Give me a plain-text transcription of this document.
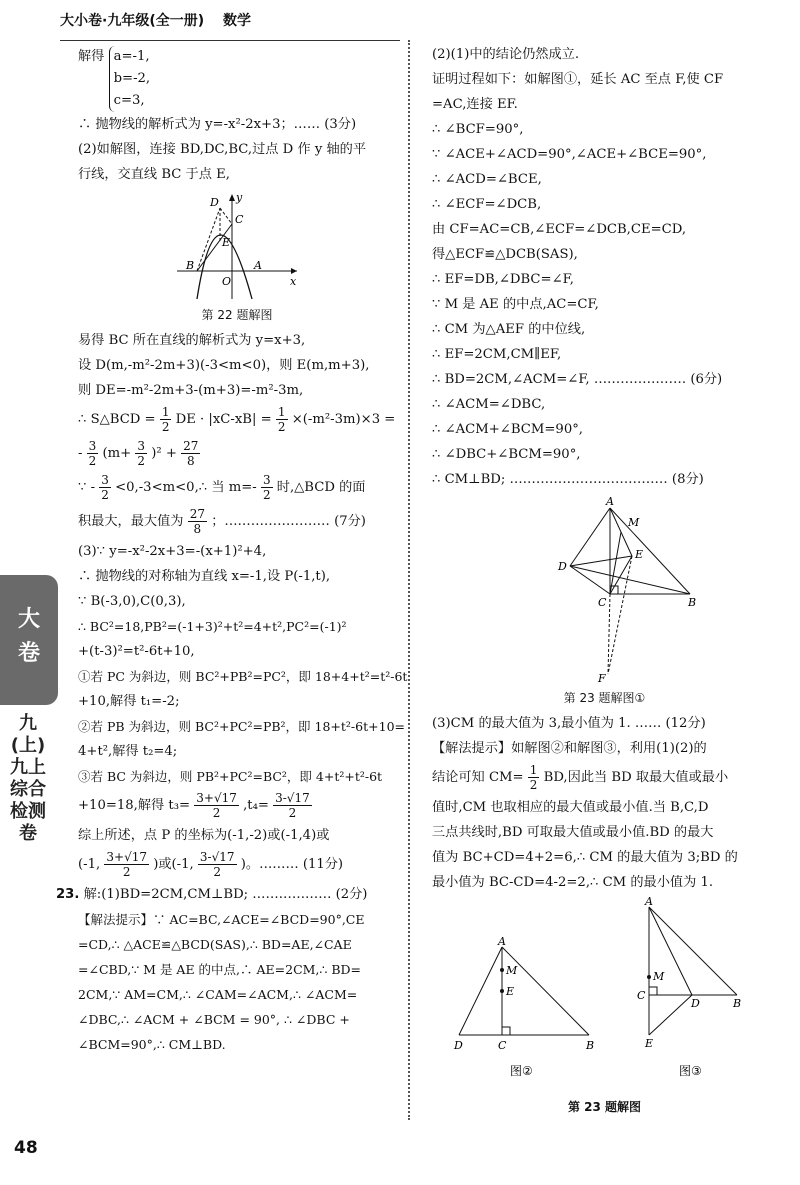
大小卷·九年级(全一册) 数学
解得 a=-1,
b=-2,
c=3,
∴ 抛物线的解析式为 y=-x²-2x+3；…… (3分)
(2)如解图，连接 BD,DC,BC,过点 D 作 y 轴的平
行线，交直线 BC 于点 E,
D
C
y
E
B
O
A
x
第 22 题解图
易得 BC 所在直线的解析式为 y=x+3,
设 D(m,-m²-2m+3)(-3<m<0)，则 E(m,m+3),
则 DE=-m²-2m+3-(m+3)=-m²-3m,
∴ S△BCD = $\frac{1}{2}$ DE · $|xC-xB| = \frac{1}{2} \times(-m^2-3m)\times 3$ =
- $\frac{3}{2} (m+ \frac{3}{2} )^2 + \frac{27}{8}$
∵ - $\frac{3}{2}$ <0,-3<m<0,∴ 当 $m=- \frac{3}{2}$ 时,△BCD 的面
积最大，最大值为 $\frac{27}{8}$ ；…………………… (7分)
(3)∵ y=-x²-2x+3=-(x+1)²+4,
∴ 抛物线的对称轴为直线 x=-1,设 P(-1,t),
∵ B(-3,0),C(0,3),
∴ BC²=18,PB²=(-1+3)²+t²=4+t²,PC²=(-1)²
+(t-3)²=t²-6t+10,
①若 PC 为斜边，则 BC²+PB²=PC²，即 18+4+t²=t²-6t
+10,解得 t₁=-2;
②若 PB 为斜边，则 BC²+PC²=PB²，即 18+t²-6t+10=
4+t²,解得 t₂=4;
③若 BC 为斜边，则 PB²+PC²=BC²，即 4+t²+t²-6t
+10=18,解得 $t_3= \frac{3+√17}{2} ,t_4= \frac{3-√17}{2}$
综上所述，点 P 的坐标为(-1,-2)或(-1,4)或
(-1, $\frac{3+√17}{2}$ )或(-1, $\frac{3-√17}{2}$ )。……… (11分)
23. 解:(1)BD=2CM,CM⊥BD; ……………… (2分)
【解法提示】∵ AC=BC,∠ACE=∠BCD=90°,CE
=CD,∴ △ACE≌△BCD(SAS),∴ BD=AE,∠CAE
=∠CBD,∵ M 是 AE 的中点,∴ AE=2CM,∴ BD=
2CM,∵ AM=CM,∴ ∠CAM=∠ACM,∴ ∠ACM=
∠DBC,∴ ∠ACM + ∠BCM = 90°, ∴ ∠DBC +
∠BCM=90°,∴ CM⊥BD.
(2)(1)中的结论仍然成立.
证明过程如下：如解图①，延长 AC 至点 F,使 CF
=AC,连接 EF.
∴ ∠BCF=90°,
∵ ∠ACE+∠ACD=90°,∠ACE+∠BCE=90°,
∴ ∠ACD=∠BCE,
∴ ∠ECF=∠DCB,
由 CF=AC=CB,∠ECF=∠DCB,CE=CD,
得△ECF≌△DCB(SAS),
∴ EF=DB,∠DBC=∠F,
∵ M 是 AE 的中点,AC=CF,
∴ CM 为△AEF 的中位线,
∴ EF=2CM,CM∥EF,
∴ BD=2CM,∠ACM=∠F, ………………… (6分)
∴ ∠ACM=∠DBC,
∴ ∠ACM+∠BCM=90°,
∴ ∠DBC+∠BCM=90°,
∴ CM⊥BD; ……………………………… (8分)
A
M
E
D
C	B
F
第 23 题解图①
(3)CM 的最大值为 3,最小值为 1. …… (12分)
【解法提示】如解图②和解图③，利用(1)(2)的
结论可知 $CM= \frac{1}{2}$ BD,因此当 BD 取最大值或最小
值时,CM 也取相应的最大值或最小值.当 B,C,D
三点共线时,BD 可取最大值或最小值.BD 的最大
值为 BC+CD=4+2=6,∴ CM 的最大值为 3;BD 的
最小值为 BC-CD=4-2=2,∴ CM 的最小值为 1.
A
M
E
D	C	B
图②
A
M
C
D	B
E
图③
第 23 题解图
大
卷
九(上)九上综合检测卷
48
